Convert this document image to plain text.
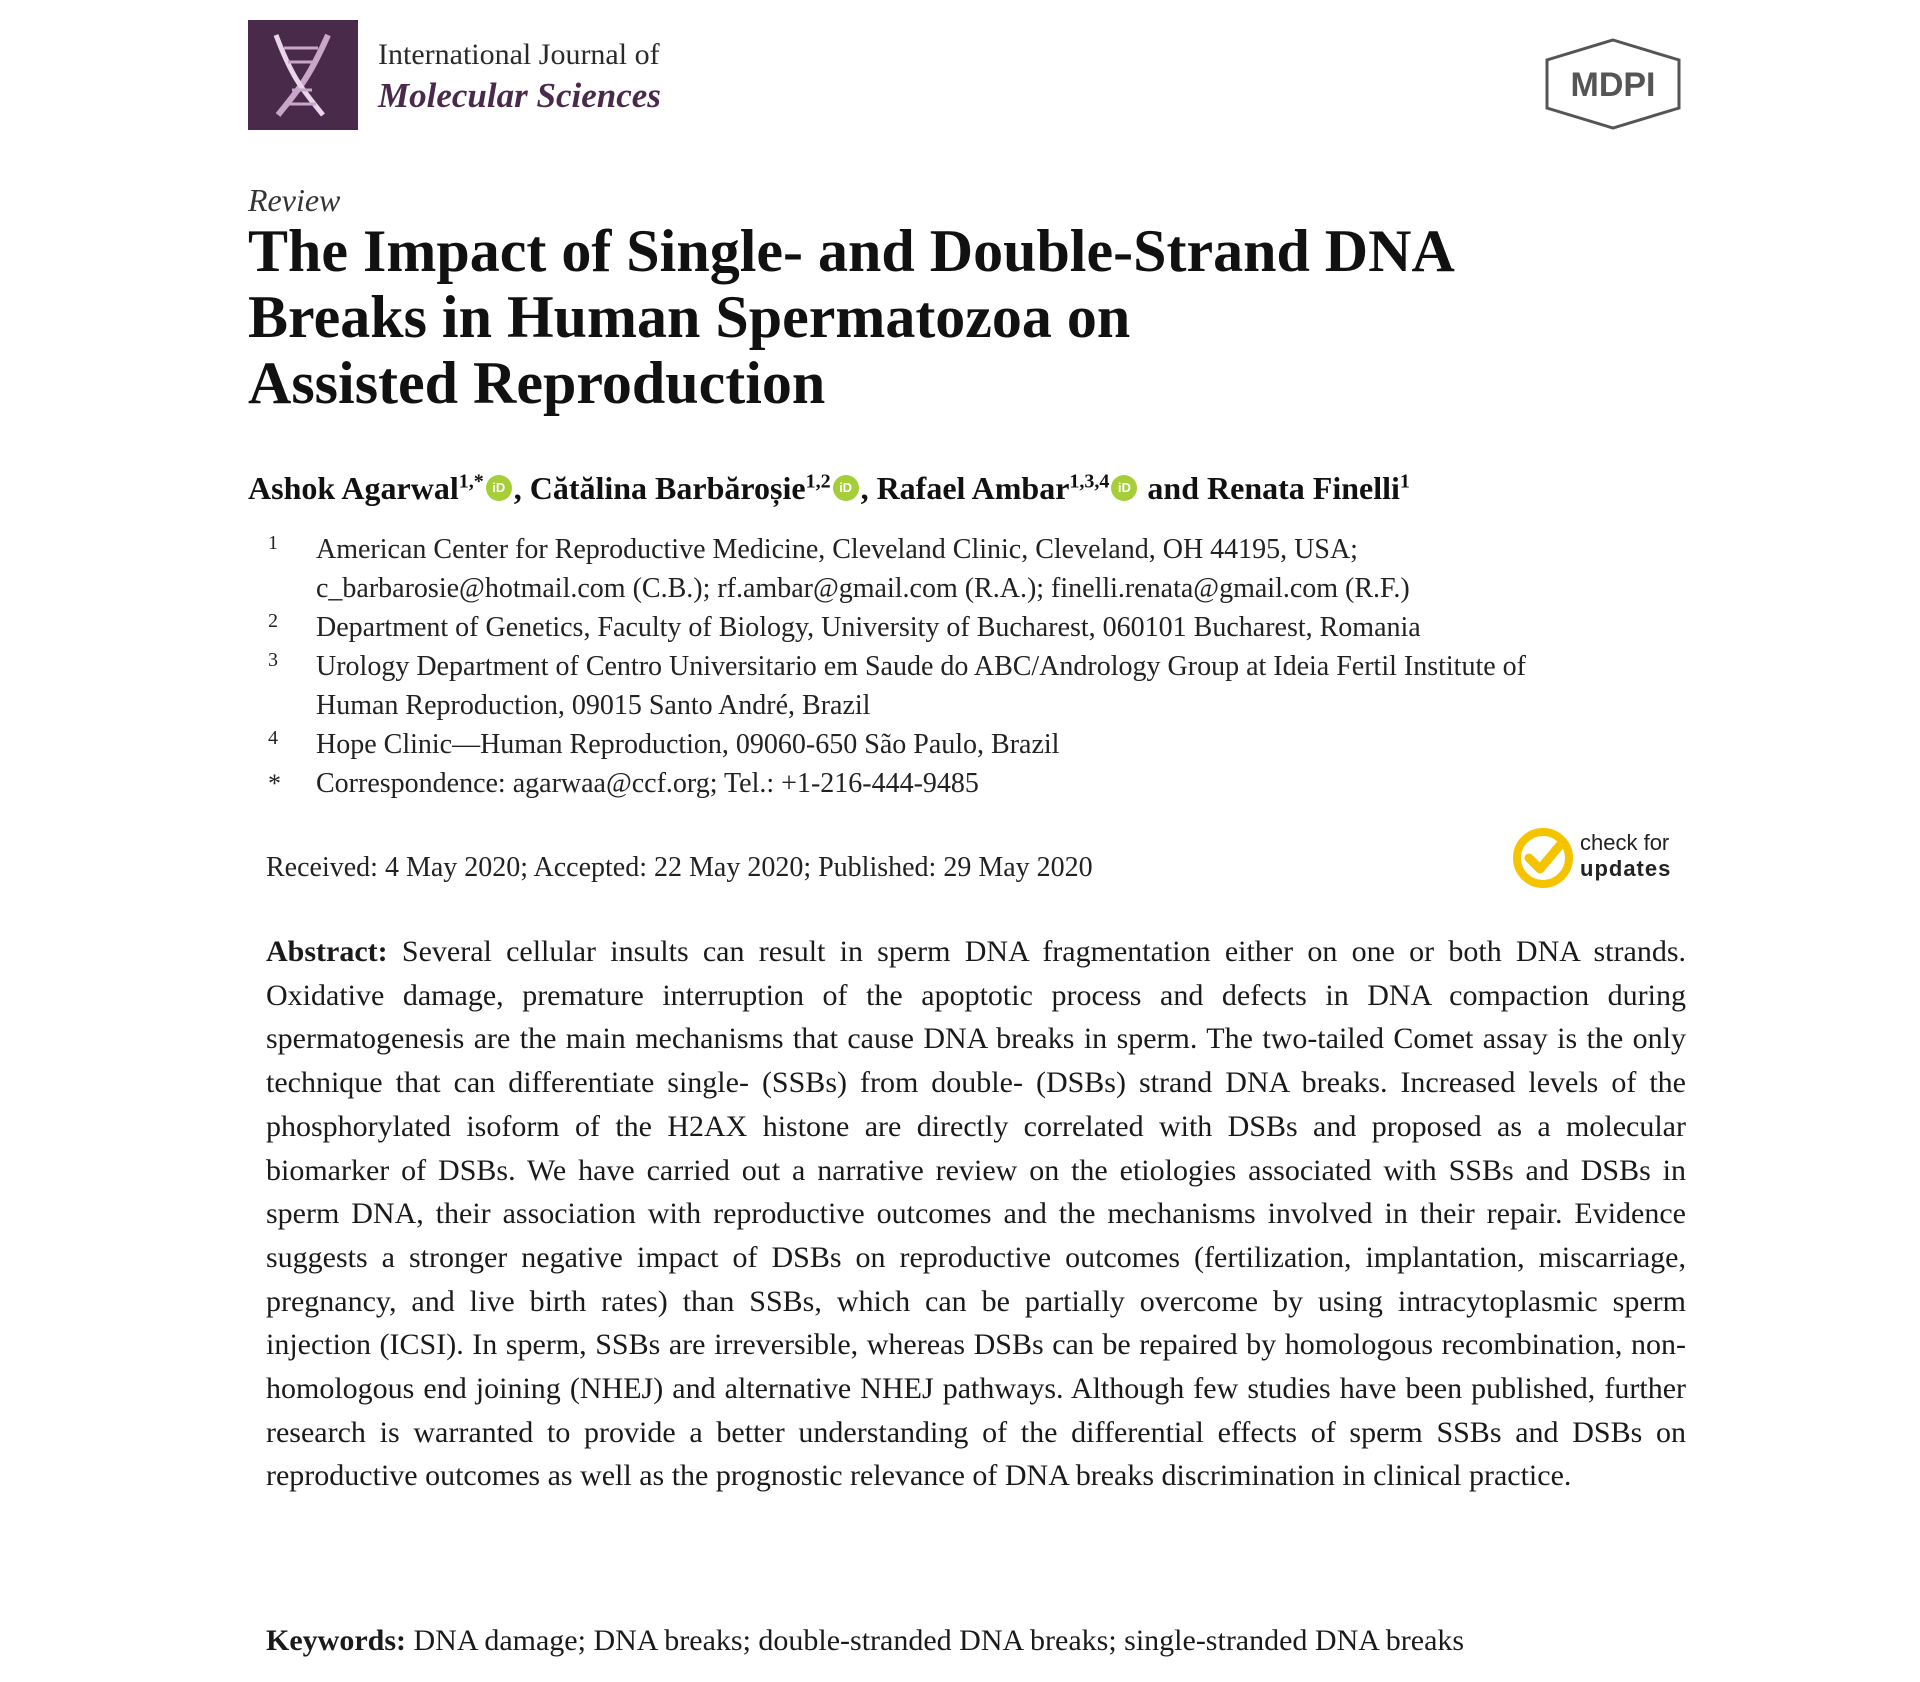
International Journal of
Molecular Sciences	MDPI
Review
The Impact of Single- and Double-Strand DNA
Breaks in Human Spermatozoa on
Assisted Reproduction
Ashok Agarwal$^{1,*}$ iD , Cătălina Barbăroșie$^{1,2}$ iD , Rafael Ambar$^{1,3,4}$ iD and Renata Finelli$^1$
1 American Center for Reproductive Medicine, Cleveland Clinic, Cleveland, OH 44195, USA;
c_barbarosie@hotmail.com (C.B.); rf.ambar@gmail.com (R.A.); finelli.renata@gmail.com (R.F.)
2 Department of Genetics, Faculty of Biology, University of Bucharest, 060101 Bucharest, Romania
3 Urology Department of Centro Universitario em Saude do ABC/Andrology Group at Ideia Fertil Institute of
Human Reproduction, 09015 Santo André, Brazil
4 Hope Clinic—Human Reproduction, 09060-650 São Paulo, Brazil
* Correspondence: agarwaa@ccf.org; Tel.: +1-216-444-9485
Received: 4 May 2020; Accepted: 22 May 2020; Published: 29 May 2020
check for
updates
Abstract: Several cellular insults can result in sperm DNA fragmentation either on one or both DNA strands. Oxidative damage, premature interruption of the apoptotic process and defects in DNA compaction during spermatogenesis are the main mechanisms that cause DNA breaks in sperm. The two-tailed Comet assay is the only technique that can differentiate single- (SSBs) from double- (DSBs) strand DNA breaks. Increased levels of the phosphorylated isoform of the H2AX histone are directly correlated with DSBs and proposed as a molecular biomarker of DSBs. We have carried out a narrative review on the etiologies associated with SSBs and DSBs in sperm DNA, their association with reproductive outcomes and the mechanisms involved in their repair. Evidence suggests a stronger negative impact of DSBs on reproductive outcomes (fertilization, implantation, miscarriage, pregnancy, and live birth rates) than SSBs, which can be partially overcome by using intracytoplasmic sperm injection (ICSI). In sperm, SSBs are irreversible, whereas DSBs can be repaired by homologous recombination, non-homologous end joining (NHEJ) and alternative NHEJ pathways. Although few studies have been published, further research is warranted to provide a better understanding of the differential effects of sperm SSBs and DSBs on reproductive outcomes as well as the prognostic relevance of DNA breaks discrimination in clinical practice.
Keywords: DNA damage; DNA breaks; double-stranded DNA breaks; single-stranded DNA breaks
